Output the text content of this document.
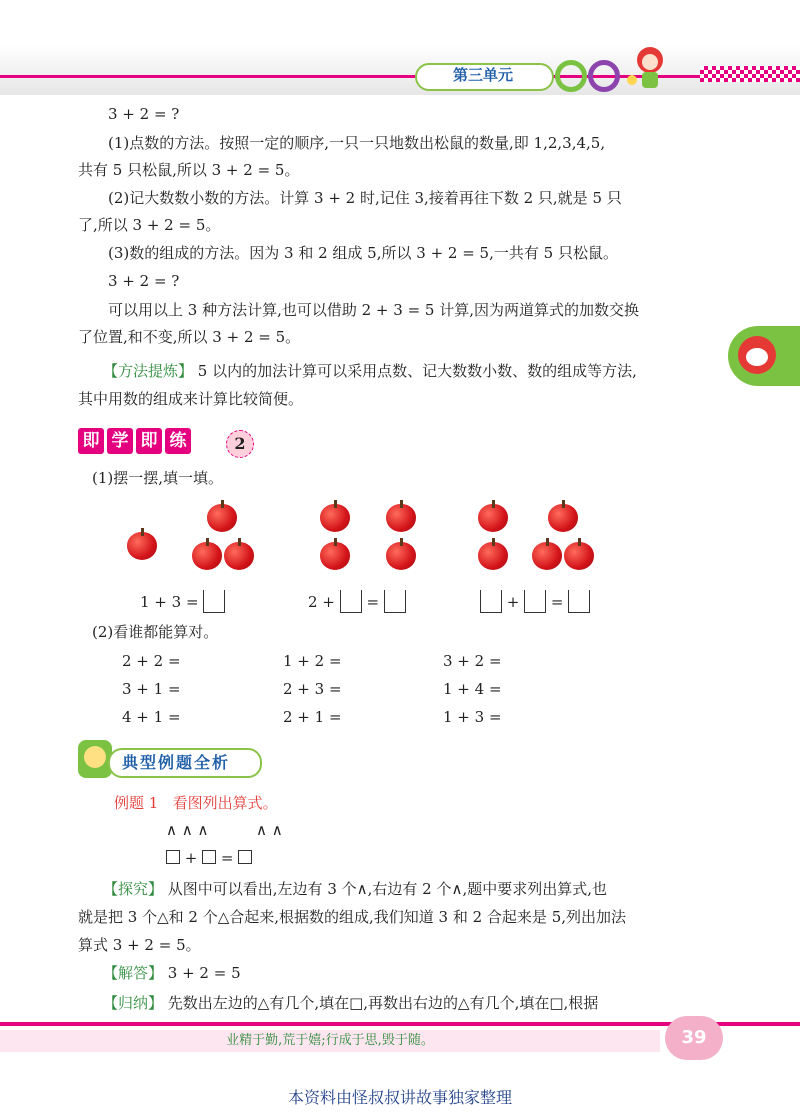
第三单元
3 + 2 = ?
(1)点数的方法。按照一定的顺序,一只一只地数出松鼠的数量,即 1,2,3,4,5,
共有 5 只松鼠,所以 3 + 2 = 5。
(2)记大数数小数的方法。计算 3 + 2 时,记住 3,接着再往下数 2 只,就是 5 只
了,所以 3 + 2 = 5。
(3)数的组成的方法。因为 3 和 2 组成 5,所以 3 + 2 = 5,一共有 5 只松鼠。
3 + 2 = ?
可以用以上 3 种方法计算,也可以借助 2 + 3 = 5 计算,因为两道算式的加数交换
了位置,和不变,所以 3 + 2 = 5。
【方法提炼】 5 以内的加法计算可以采用点数、记大数数小数、数的组成等方法,
其中用数的组成来计算比较简便。
即 学 即 练	2
(1)摆一摆,填一填。
1 + 3 =	2 + =	+ =
(2)看谁都能算对。
2 + 2 =	1 + 2 =	3 + 2 =
3 + 1 =	2 + 3 =	1 + 4 =
4 + 1 =	2 + 1 =	1 + 3 =
典型例题全析
例题 1 看图列出算式。
∧ ∧ ∧	∧ ∧
+ =
【探究】 从图中可以看出,左边有 3 个∧,右边有 2 个∧,题中要求列出算式,也
就是把 3 个△和 2 个△合起来,根据数的组成,我们知道 3 和 2 合起来是 5,列出加法
算式 3 + 2 = 5。
【解答】 3 + 2 = 5
【归纳】 先数出左边的△有几个,填在□,再数出右边的△有几个,填在□,根据
业精于勤,荒于嬉;行成于思,毁于随。	39
本资料由怪叔叔讲故事独家整理
